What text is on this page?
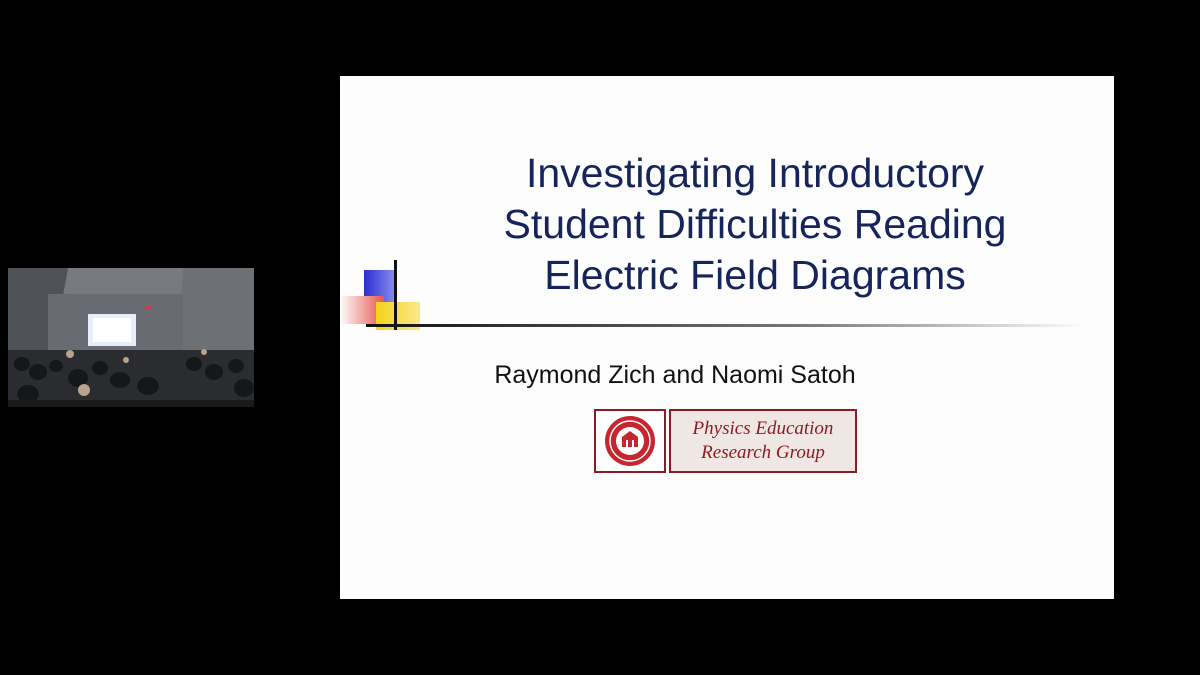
Investigating Introductory
Student Difficulties Reading
Electric Field Diagrams
Raymond Zich and Naomi Satoh
Physics Education
Research Group
